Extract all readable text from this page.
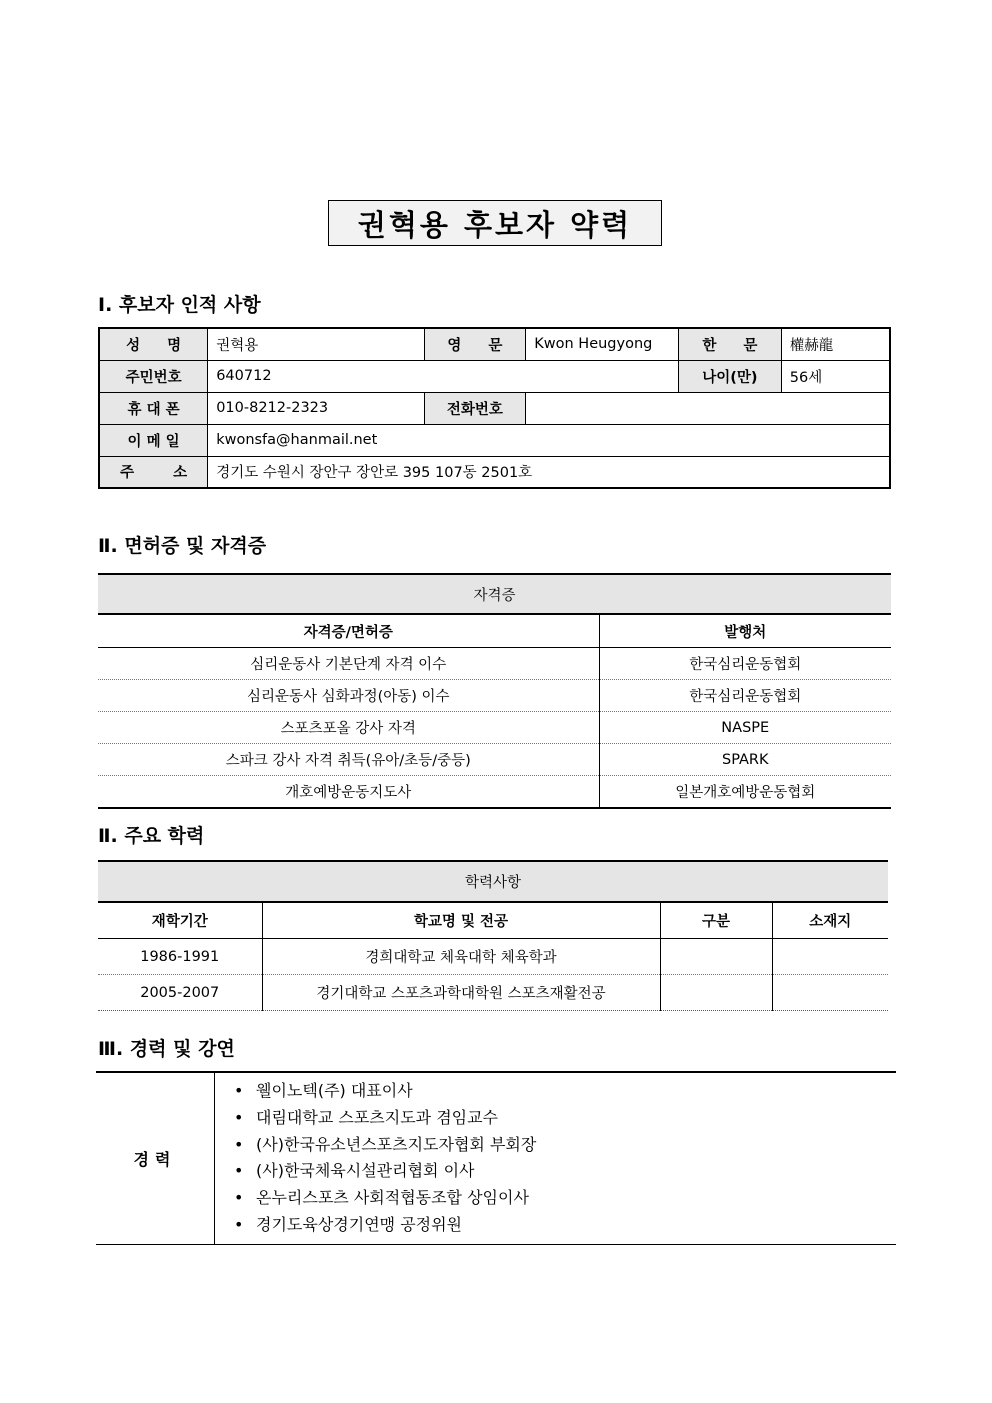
권혁용 후보자 약력
Ⅰ. 후보자 인적 사항
성 명	권혁용	영 문	Kwon Heugyong	한 문	權赫龍
주민번호	640712			나이(만)	56세
휴 대 폰	010-8212-2323	전화번호			
이 메 일	kwonsfa@hanmail.net				
주 소	경기도 수원시 장안구 장안로 395 107동 2501호				
Ⅱ. 면허증 및 자격증
자격증	
자격증/면허증	발행처
심리운동사 기본단계 자격 이수	한국심리운동협회
심리운동사 심화과정(아동) 이수	한국심리운동협회
스포츠포올 강사 자격	NASPE
스파크 강사 자격 취득(유아/초등/중등)	SPARK
개호예방운동지도사	일본개호예방운동협회
Ⅱ. 주요 학력
학력사항			
재학기간	학교명 및 전공	구분	소재지
1986-1991	경희대학교 체육대학 체육학과		
2005-2007	경기대학교 스포츠과학대학원 스포츠재활전공		
Ⅲ. 경력 및 강연
경력	
• 웰이노텍(주) 대표이사
• 대림대학교 스포츠지도과 겸임교수
• (사)한국유소년스포츠지도자협회 부회장
• (사)한국체육시설관리협회 이사
• 온누리스포츠 사회적협동조합 상임이사
• 경기도육상경기연맹 공정위원
